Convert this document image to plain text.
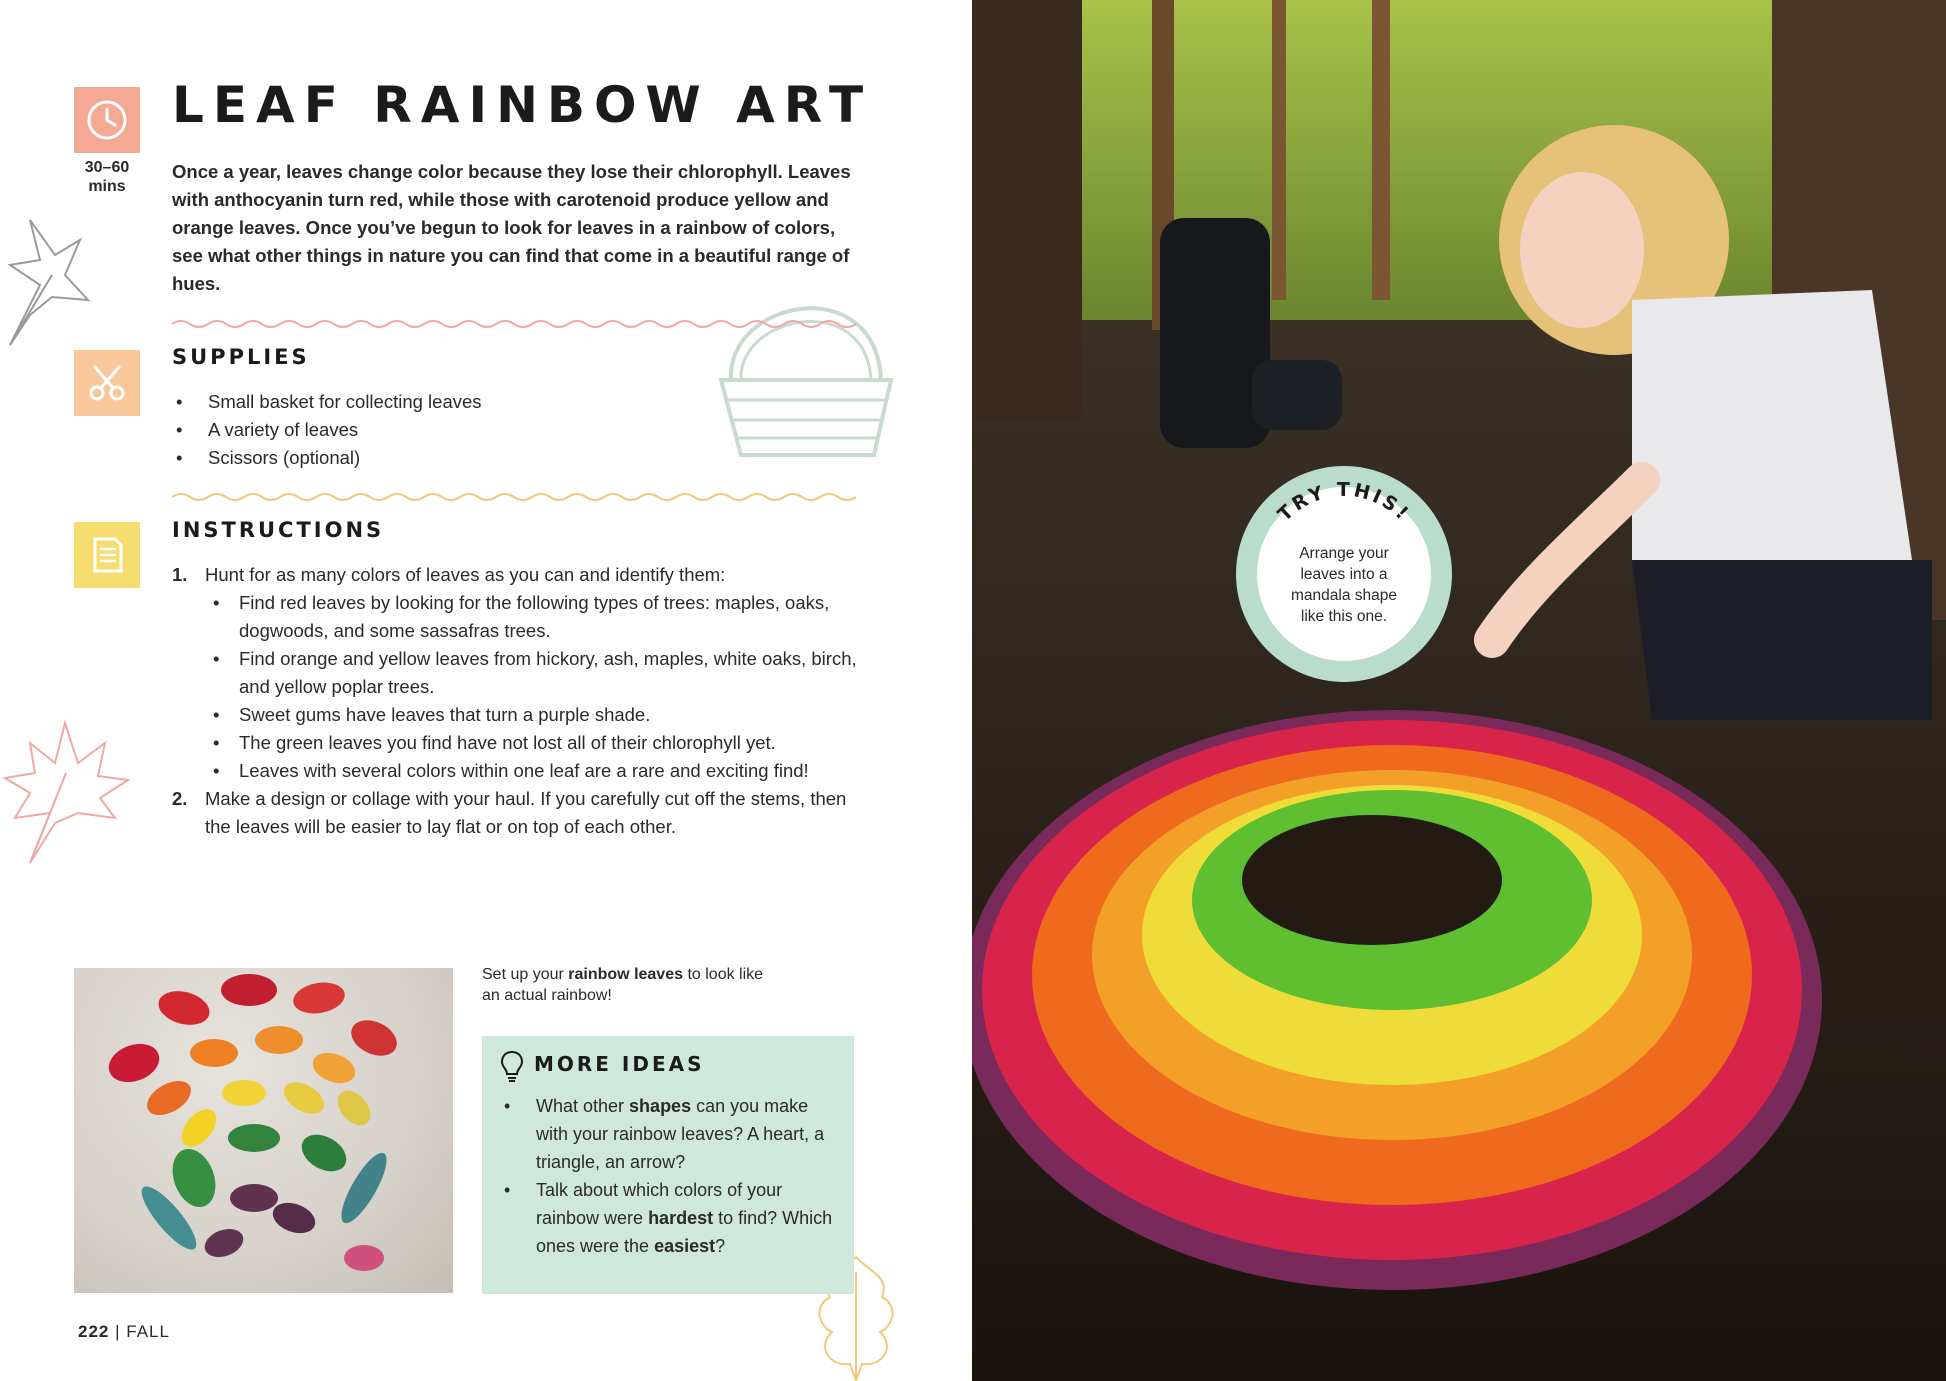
30–60
mins
LEAF RAINBOW ART
Once a year, leaves change color because they lose their chlorophyll. Leaves with anthocyanin turn red, while those with carotenoid produce yellow and orange leaves. Once you’ve begun to look for leaves in a rainbow of colors, see what other things in nature you can find that come in a beautiful range of hues.
SUPPLIES
• Small basket for collecting leaves
• A variety of leaves
• Scissors (optional)
INSTRUCTIONS
1. Hunt for as many colors of leaves as you can and identify them:
• Find red leaves by looking for the following types of trees: maples, oaks, dogwoods, and some sassafras trees.
• Find orange and yellow leaves from hickory, ash, maples, white oaks, birch, and yellow poplar trees.
• Sweet gums have leaves that turn a purple shade.
• The green leaves you find have not lost all of their chlorophyll yet.
• Leaves with several colors within one leaf are a rare and exciting find!
2. Make a design or collage with your haul. If you carefully cut off the stems, then the leaves will be easier to lay flat or on top of each other.
Set up your rainbow leaves to look like an actual rainbow!
MORE IDEAS
• What other shapes can you make with your rainbow leaves? A heart, a triangle, an arrow?
• Talk about which colors of your rainbow were hardest to find? Which ones were the easiest?
222 | FALL
Arrange your leaves into a mandala shape like this one.
TRY THIS!
